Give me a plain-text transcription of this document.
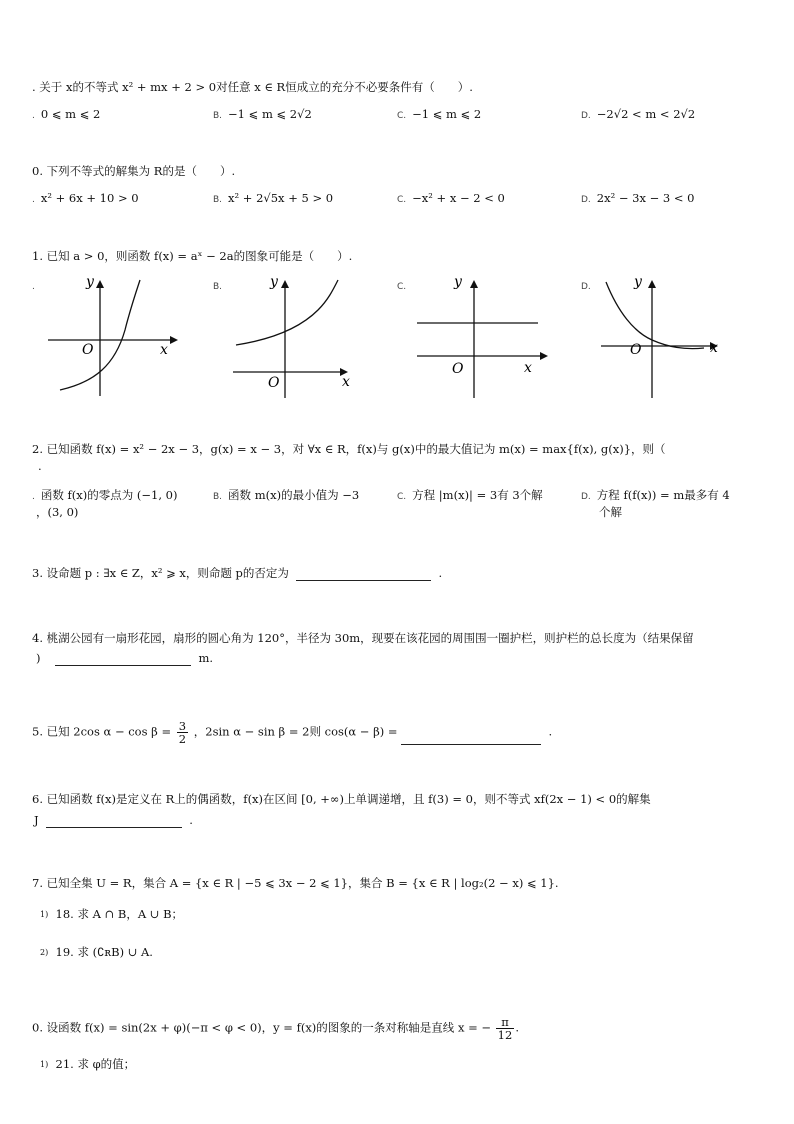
. 关于 x的不等式 x² + mx + 2 > 0对任意 x ∈ R恒成立的充分不必要条件有（　　）.
. 0 ⩽ m ⩽ 2	B. −1 ⩽ m ⩽ 2√2	C. −1 ⩽ m ⩽ 2	D. −2√2 < m < 2√2
0. 下列不等式的解集为 R的是（　　）.
. x² + 6x + 10 > 0	B. x² + 2√5x + 5 > 0	C. −x² + x − 2 < 0	D. 2x² − 3x − 3 < 0
1. 已知 a > 0，则函数 f(x) = aˣ − 2a的图象可能是（　　）.
.	B.	C.	D.
x
y
O
x
y
O
x
y
O
x
y
O
2. 已知函数 f(x) = x² − 2x − 3，g(x) = x − 3，对 ∀x ∈ R，f(x)与 g(x)中的最大值记为 m(x) = max{f(x), g(x)}，则（
.
. 函数 f(x)的零点为 (−1, 0)
，(3, 0)
B. 函数 m(x)的最小值为 −3	C. 方程 |m(x)| = 3有 3个解	D. 方程 f(f(x)) = m最多有 4
个解
3. 设命题 p : ∃x ∈ Z，x² ⩾ x，则命题 p的否定为	.
4. 桃湖公园有一扇形花园，扇形的圆心角为 120°，半径为 30m，现要在该花园的周围围一圈护栏，则护栏的总长度为（结果保留
)	m.
5. 已知 2cos $\alpha - \cos \beta = \frac{3}{2}$ ，2sin α − sin β = 2则 cos(α − β) =	.
6. 已知函数 f(x)是定义在 R上的偶函数，f(x)在区间 [0, +∞)上单调递增，且 f(3) = 0，则不等式 xf(2x − 1) < 0的解集
J	.
7. 已知全集 U = R，集合 A = {x ∈ R | −5 ⩽ 3x − 2 ⩽ 1}，集合 B = {x ∈ R | log₂(2 − x) ⩽ 1}.
$^{1)}$ 18. 求 A ∩ B，A ∪ B；
$^{2)}$ 19. 求 (∁ʀB) ∪ A.
0. 设函数 f(x) = sin(2x + φ)(−π < φ < 0)，y = f(x)的图象的一条对称轴是直线 x = − $\frac{\pi}{12}$ .
$^{1)}$ 21. 求 φ的值；
